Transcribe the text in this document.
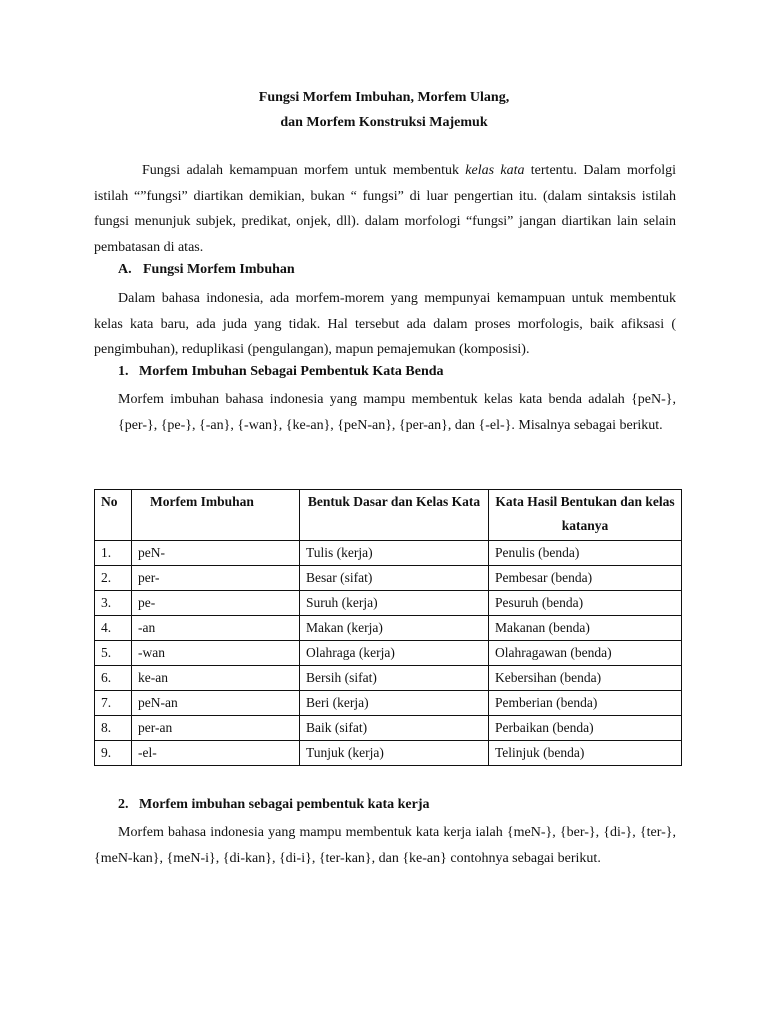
Fungsi Morfem Imbuhan, Morfem Ulang,
dan Morfem Konstruksi Majemuk

Fungsi adalah kemampuan morfem untuk membentuk kelas kata tertentu. Dalam morfolgi istilah “”fungsi” diartikan demikian, bukan “ fungsi” di luar pengertian itu. (dalam sintaksis istilah fungsi menunjuk subjek, predikat, onjek, dll). dalam morfologi “fungsi” jangan diartikan lain selain pembatasan di atas.

A. Fungsi Morfem Imbuhan

Dalam bahasa indonesia, ada morfem-morem yang mempunyai kemampuan untuk membentuk kelas kata baru, ada juda yang tidak. Hal tersebut ada dalam proses morfologis, baik afiksasi ( pengimbuhan), reduplikasi (pengulangan), mapun pemajemukan (komposisi).

1. Morfem Imbuhan Sebagai Pembentuk Kata Benda

Morfem imbuhan bahasa indonesia yang mampu membentuk kelas kata benda adalah {peN-}, {per-}, {pe-}, {-an}, {-wan}, {ke-an}, {peN-an}, {per-an}, dan {-el-}. Misalnya sebagai berikut.

No	Morfem Imbuhan	Bentuk Dasar dan Kelas Kata	Kata Hasil Bentukan dan kelas katanya
1.	peN-	Tulis (kerja)	Penulis (benda)
2.	per-	Besar (sifat)	Pembesar (benda)
3.	pe-	Suruh (kerja)	Pesuruh (benda)
4.	-an	Makan (kerja)	Makanan (benda)
5.	-wan	Olahraga (kerja)	Olahragawan (benda)
6.	ke-an	Bersih (sifat)	Kebersihan (benda)
7.	peN-an	Beri (kerja)	Pemberian (benda)
8.	per-an	Baik (sifat)	Perbaikan (benda)
9.	-el-	Tunjuk (kerja)	Telinjuk (benda)
2. Morfem imbuhan sebagai pembentuk kata kerja

Morfem bahasa indonesia yang mampu membentuk kata kerja ialah {meN-}, {ber-}, {di-}, {ter-}, {meN-kan}, {meN-i}, {di-kan}, {di-i}, {ter-kan}, dan {ke-an} contohnya sebagai berikut.
